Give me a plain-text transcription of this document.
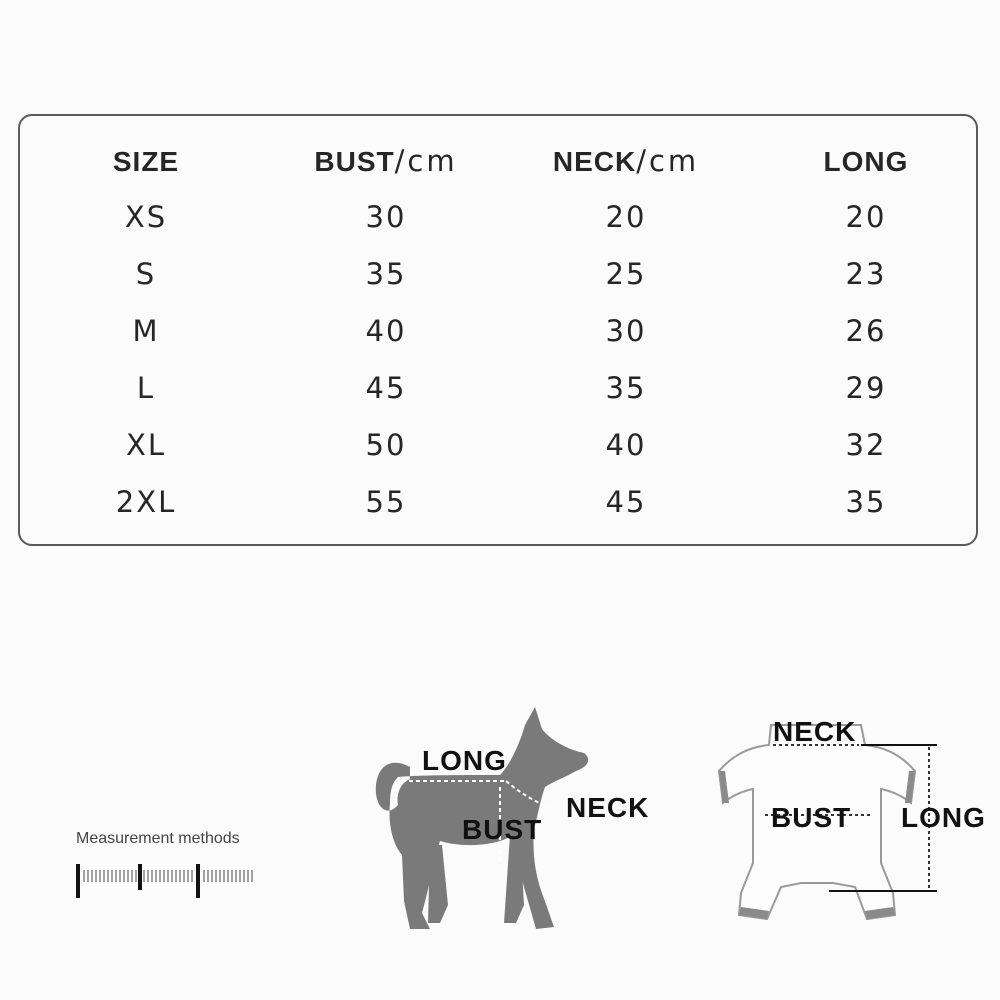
SIZE	BUST/cm	NECK/cm	LONG
XS	30	20	20
S	35	25	23
M	40	30	26
L	45	35	29
XL	50	40	32
2XL	55	45	35
Measurement methods
LONG
NECK
BUST
NECK
BUST LONG
